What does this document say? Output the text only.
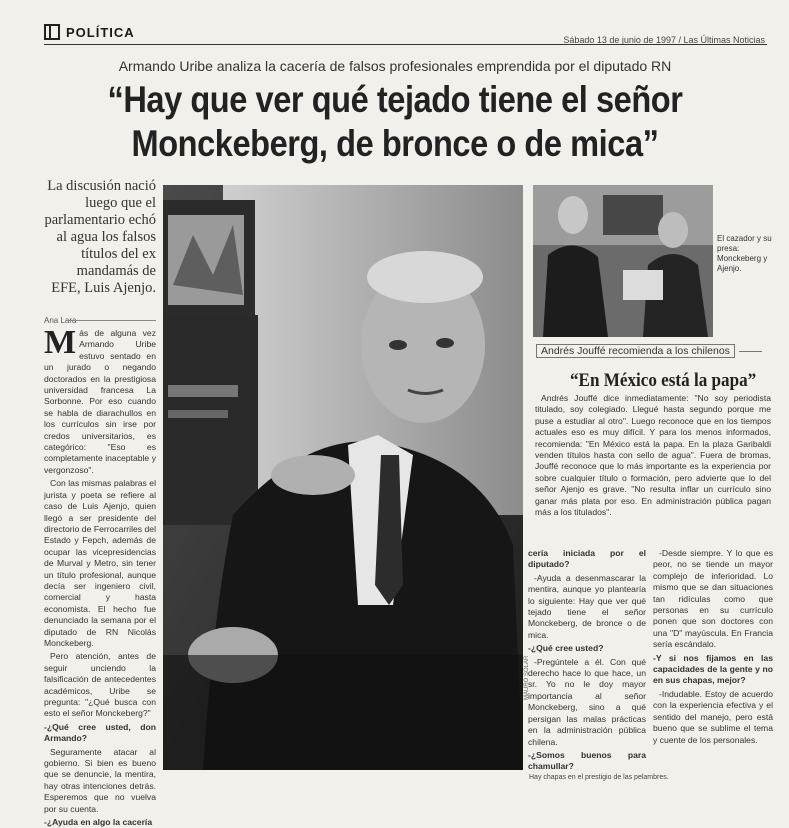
POLÍTICA
Sábado 13 de junio de 1997 / Las Últimas Noticias
Armando Uribe analiza la cacería de falsos profesionales emprendida por el diputado RN
“Hay que ver qué tejado tiene el señor
Monckeberg, de bronce o de mica”
La discusión nació luego que el parlamentario echó al agua los falsos títulos del ex mandamás de EFE, Luis Ajenjo.
Ana Lara
M ás de alguna vez Armando Uribe estuvo sentado en un jurado o negando doctorados en la prestigiosa universidad francesa La Sorbonne. Por eso cuando se habla de diarachullos en los currículos sin irse por credos universitarios, es categórico: "Eso es completamente inaceptable y vergonzoso".

Con las mismas palabras el jurista y poeta se refiere al caso de Luis Ajenjo, quien llegó a ser presidente del directorio de Ferrocarriles del Estado y Fepch, además de ocupar las vicepresidencias de Murval y Metro, sin tener un título profesional, aunque decía ser ingeniero civil, comercial y hasta economista. El hecho fue denunciado la semana por el diputado de RN Nicolás Monckeberg.

Pero atención, antes de seguir unciendo la falsificación de antecedentes académicos, Uribe se pregunta: "¿Qué busca con esto el señor Monckeberg?"

-¿Qué cree usted, don Armando?

Seguramente atacar al gobierno. Si bien es bueno que se denuncie, la mentira, hay otras intenciones detrás. Esperemos que no vuelva por su cuenta.

-¿Ayuda en algo la cacería

MAURO SOLAR
El cazador y su presa: Monckeberg y Ajenjo.
Andrés Jouffé recomienda a los chilenos
“En México está la papa”

Andrés Jouffé dice inmediatamente: "No soy periodista titulado, soy colegiado. Llegué hasta segundo porque me puse a estudiar al otro". Luego reconoce que en los tiempos actuales eso es muy difícil. Y para los menos informados, recomienda: "En México está la papa. En la plaza Garibaldi venden títulos hasta con sello de agua". Fuera de bromas, Jouffé reconoce que lo más importante es la experiencia por sobre cualquier título o formación, pero advierte que lo del señor Ajenjo es grave. "No resulta inflar un currículo sino ganar más plata por eso. En administración pública pagan más a los titulados".

cería iniciada por el diputado?

-Ayuda a desenmascarar la mentira, aunque yo plantearía lo siguiente: Hay que ver qué tejado tiene el señor Monckeberg, de bronce o de mica.

-¿Qué cree usted?

-Pregúntele a él. Con qué derecho hace lo que hace, un sr. Yo no le doy mayor importancia al señor Monckeberg, sino a qué persigan las malas prácticas en la administración pública chilena.

-¿Somos buenos para chamullar?

-Desde siempre. Y lo que es peor, no se tiende un mayor complejo de inferioridad. Lo mismo que se dan situaciones tan ridículas como que personas en su currículo ponen que son doctores con una "D" mayúscula. En Francia sería escándalo.

-Y si nos fijamos en las capacidades de la gente y no en sus chapas, mejor?

-Indudable. Estoy de acuerdo con la experiencia efectiva y el sentido del manejo, pero está bueno que se sublime el tema y cuente de los personales.

Hay chapas en el prestigio de las pelambres.
